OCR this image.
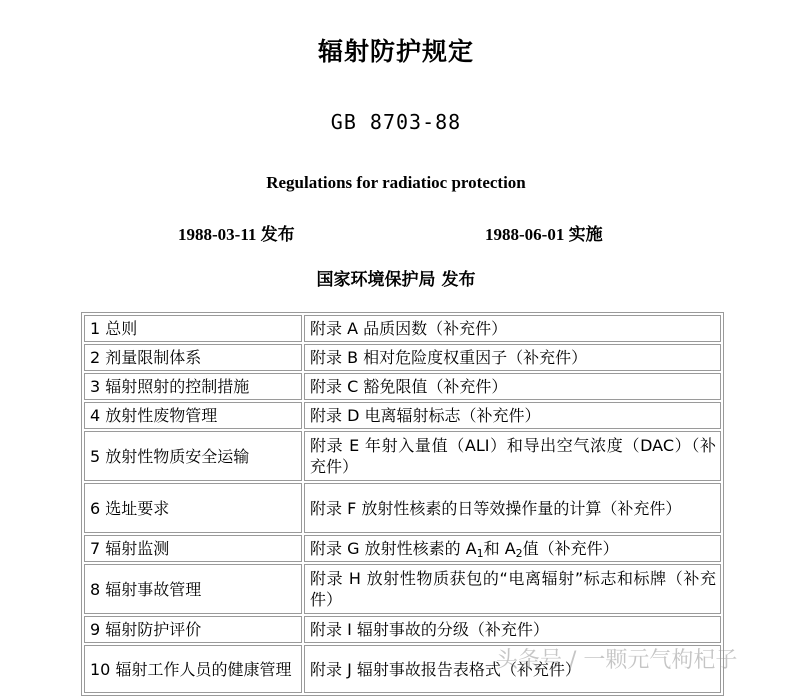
辐射防护规定
GB 8703-88
Regulations for radiatioc protection
1988-03-11 发布	1988-06-01 实施
国家环境保护局 发布
1 总则	附录 A 品质因数（补充件）
2 剂量限制体系	附录 B 相对危险度权重因子（补充件）
3 辐射照射的控制措施	附录 C 豁免限值（补充件）
4 放射性废物管理	附录 D 电离辐射标志（补充件）
5 放射性物质安全运输	附录 E 年射入量值（ALI）和导出空气浓度（DAC）（补充件）
6 选址要求	附录 F 放射性核素的日等效操作量的计算（补充件）
7 辐射监测	附录 G 放射性核素的 $A_1$和 $A_2$值（补充件）
8 辐射事故管理	附录 H 放射性物质获包的“电离辐射”标志和标牌（补充件）
9 辐射防护评价	附录 I 辐射事故的分级（补充件）
10 辐射工作人员的健康管理	附录 J 辐射事故报告表格式（补充件）
头条号 / 一颗元气枸杞子
